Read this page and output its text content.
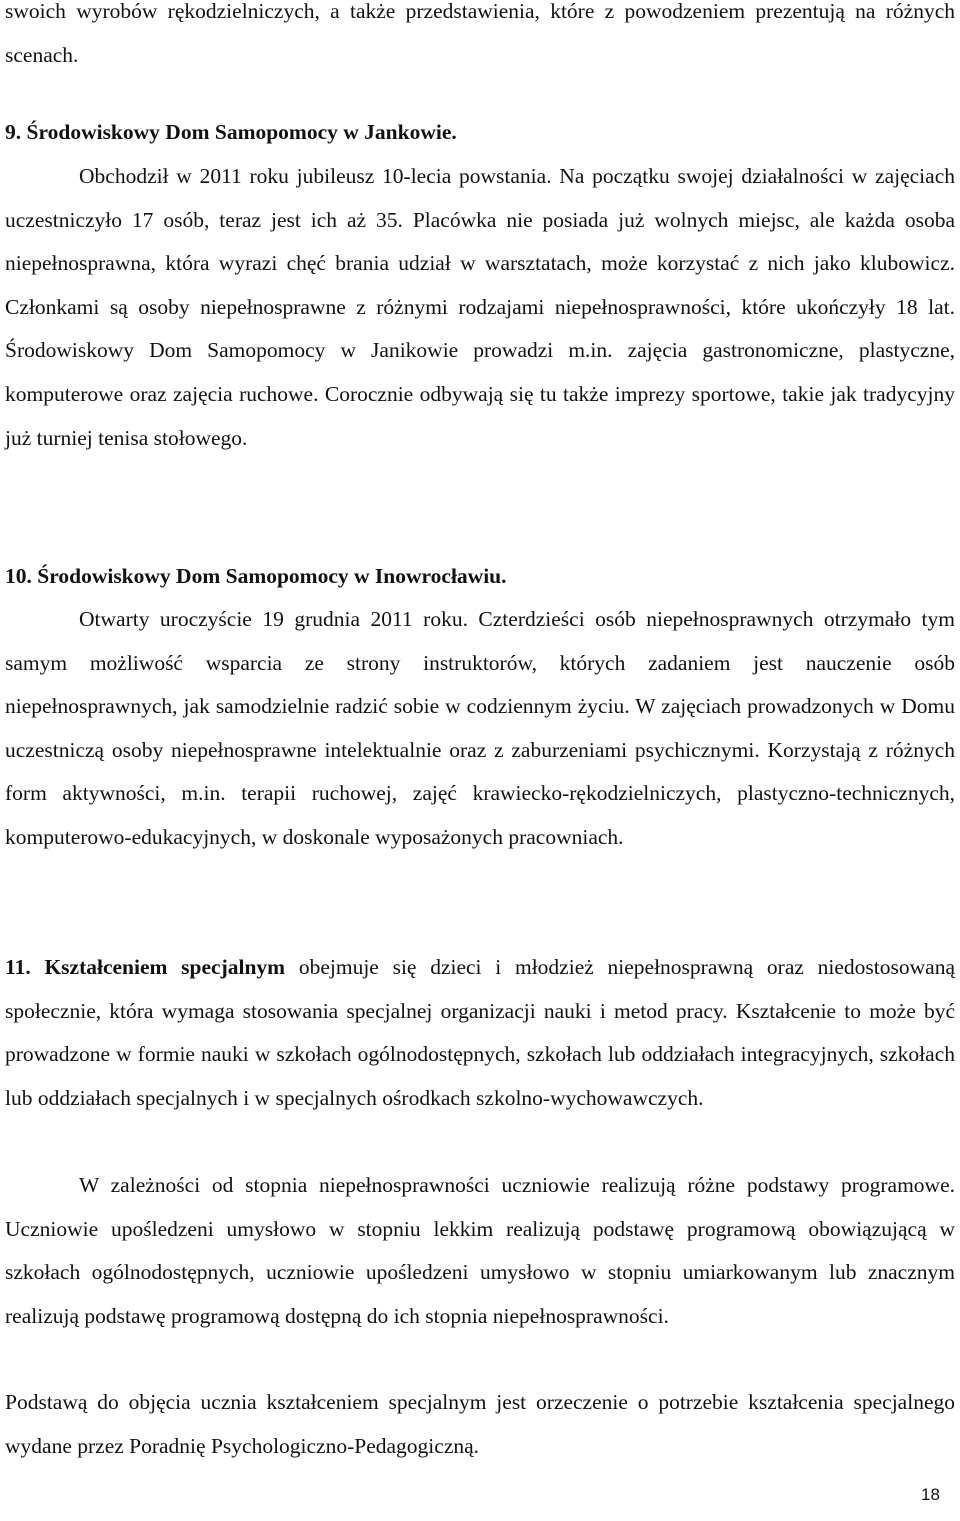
swoich wyrobów rękodzielniczych, a także przedstawienia, które z powodzeniem prezentują na różnych scenach.

9. Środowiskowy Dom Samopomocy w Jankowie.

Obchodził w 2011 roku jubileusz 10-lecia powstania. Na początku swojej działalności w zajęciach uczestniczyło 17 osób, teraz jest ich aż 35. Placówka nie posiada już wolnych miejsc, ale każda osoba niepełnosprawna, która wyrazi chęć brania udział w warsztatach, może korzystać z nich jako klubowicz. Członkami są osoby niepełnosprawne z różnymi rodzajami niepełnosprawności, które ukończyły 18 lat. Środowiskowy Dom Samopomocy w Janikowie prowadzi m.in. zajęcia gastronomiczne, plastyczne, komputerowe oraz zajęcia ruchowe. Corocznie odbywają się tu także imprezy sportowe, takie jak tradycyjny już turniej tenisa stołowego.

10. Środowiskowy Dom Samopomocy w Inowrocławiu.

Otwarty uroczyście 19 grudnia 2011 roku. Czterdzieści osób niepełnosprawnych otrzymało tym samym możliwość wsparcia ze strony instruktorów, których zadaniem jest nauczenie osób niepełnosprawnych, jak samodzielnie radzić sobie w codziennym życiu. W zajęciach prowadzonych w Domu uczestniczą osoby niepełnosprawne intelektualnie oraz z zaburzeniami psychicznymi. Korzystają z różnych form aktywności, m.in. terapii ruchowej, zajęć krawiecko-rękodzielniczych, plastyczno-technicznych, komputerowo-edukacyjnych, w doskonale wyposażonych pracowniach.

11. Kształceniem specjalnym obejmuje się dzieci i młodzież niepełnosprawną oraz niedostosowaną społecznie, która wymaga stosowania specjalnej organizacji nauki i metod pracy. Kształcenie to może być prowadzone w formie nauki w szkołach ogólnodostępnych, szkołach lub oddziałach integracyjnych, szkołach lub oddziałach specjalnych i w specjalnych ośrodkach szkolno-wychowawczych.

W zależności od stopnia niepełnosprawności uczniowie realizują różne podstawy programowe. Uczniowie upośledzeni umysłowo w stopniu lekkim realizują podstawę programową obowiązującą w szkołach ogólnodostępnych, uczniowie upośledzeni umysłowo w stopniu umiarkowanym lub znacznym realizują podstawę programową dostępną do ich stopnia niepełnosprawności.

Podstawą do objęcia ucznia kształceniem specjalnym jest orzeczenie o potrzebie kształcenia specjalnego wydane przez Poradnię Psychologiczno-Pedagogiczną.

18
